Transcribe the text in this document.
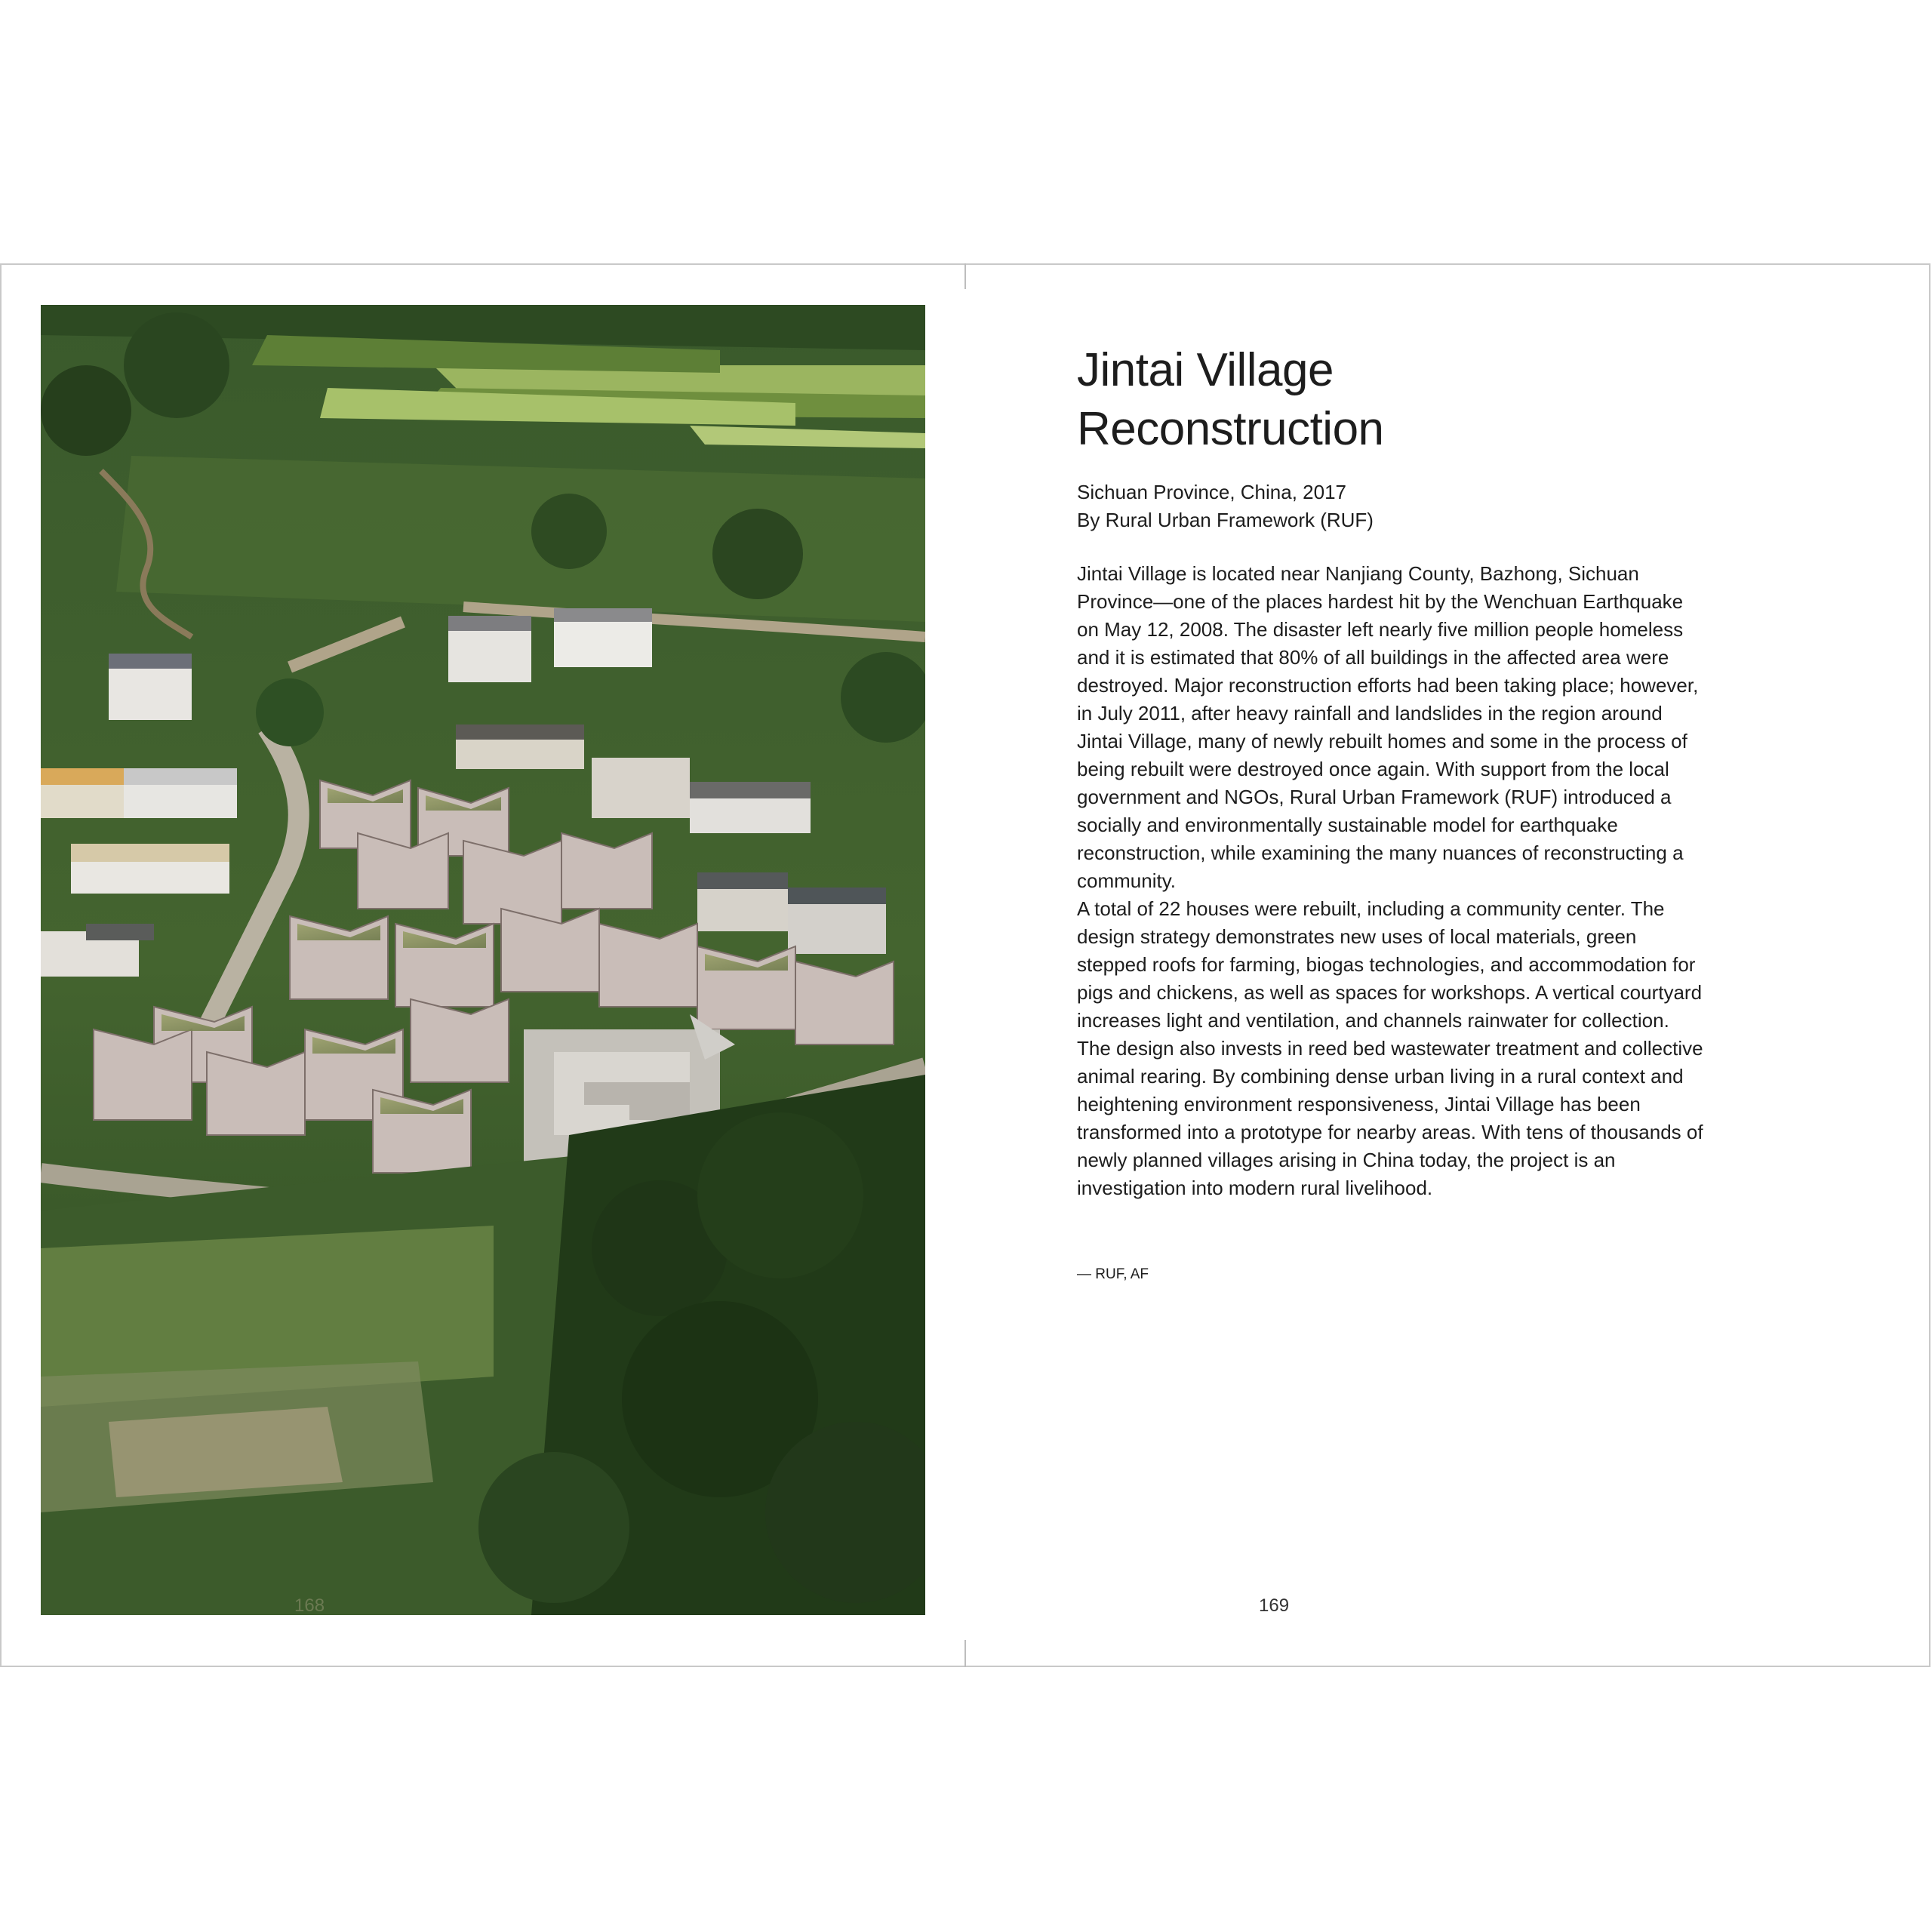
168
Jintai Village
Reconstruction
Sichuan Province, China, 2017
By Rural Urban Framework (RUF)

Jintai Village is located near Nanjiang County, Bazhong, Sichuan Province—one of the places hardest hit by the Wenchuan Earthquake on May 12, 2008. The disaster left nearly five million people homeless and it is estimated that 80% of all buildings in the affected area were destroyed. Major reconstruction efforts had been taking place; however, in July 2011, after heavy rainfall and landslides in the region around Jintai Village, many of newly rebuilt homes and some in the process of being rebuilt were destroyed once again. With support from the local government and NGOs, Rural Urban Framework (RUF) introduced a socially and environmentally sustainable model for earthquake reconstruction, while examining the many nuances of reconstructing a community.

A total of 22 houses were rebuilt, including a community center. The design strategy demonstrates new uses of local materials, green stepped roofs for farming, biogas technologies, and accommodation for pigs and chickens, as well as spaces for workshops. A vertical courtyard increases light and ventilation, and channels rainwater for collection. The design also invests in reed bed wastewater treatment and collective animal rearing. By combining dense urban living in a rural context and heightening environment responsiveness, Jintai Village has been transformed into a prototype for nearby areas. With tens of thousands of newly planned villages arising in China today, the project is an investigation into modern rural livelihood.

— RUF, AF
169
